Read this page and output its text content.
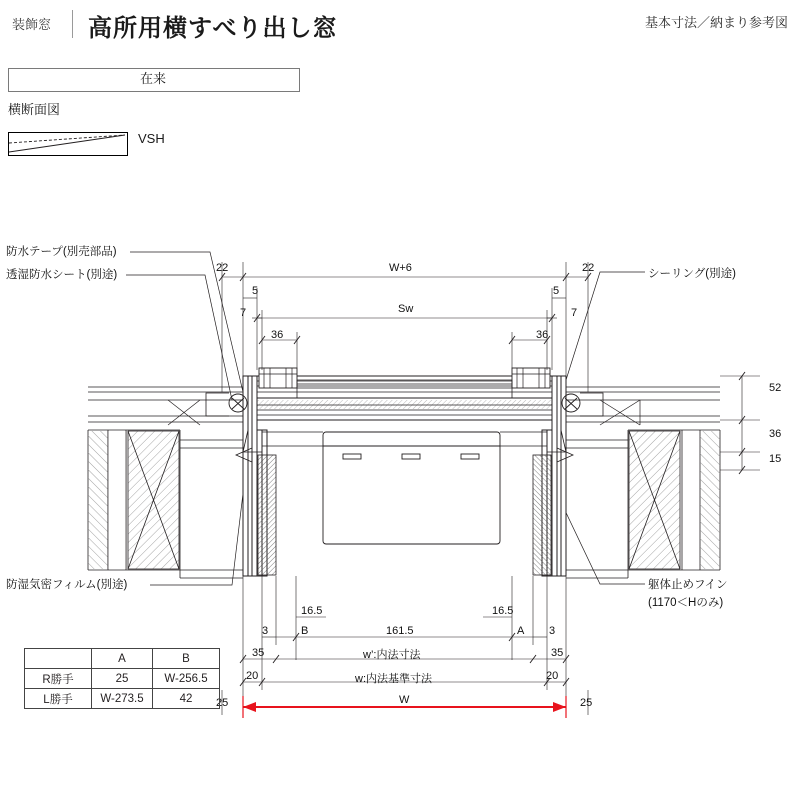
装飾窓 高所用横すべり出し窓	基本寸法／納まり参考図
在来
横断面図
VSH
防水テープ(別売部品)
透湿防水シート(別途)
防湿気密フィルム(別途)
シーリング(別途)
躯体止めフイン
(1170＜Hのみ)
22	22
W+6
Sw
5	5
7	7
36	36
52
36
15
16.5	16.5
3	3
B	A
161.5
35	35
20	20
25	25
w’:内法寸法
w:内法基準寸法
W
	A	B
R勝手	25	W-256.5
L勝手	W-273.5	42
